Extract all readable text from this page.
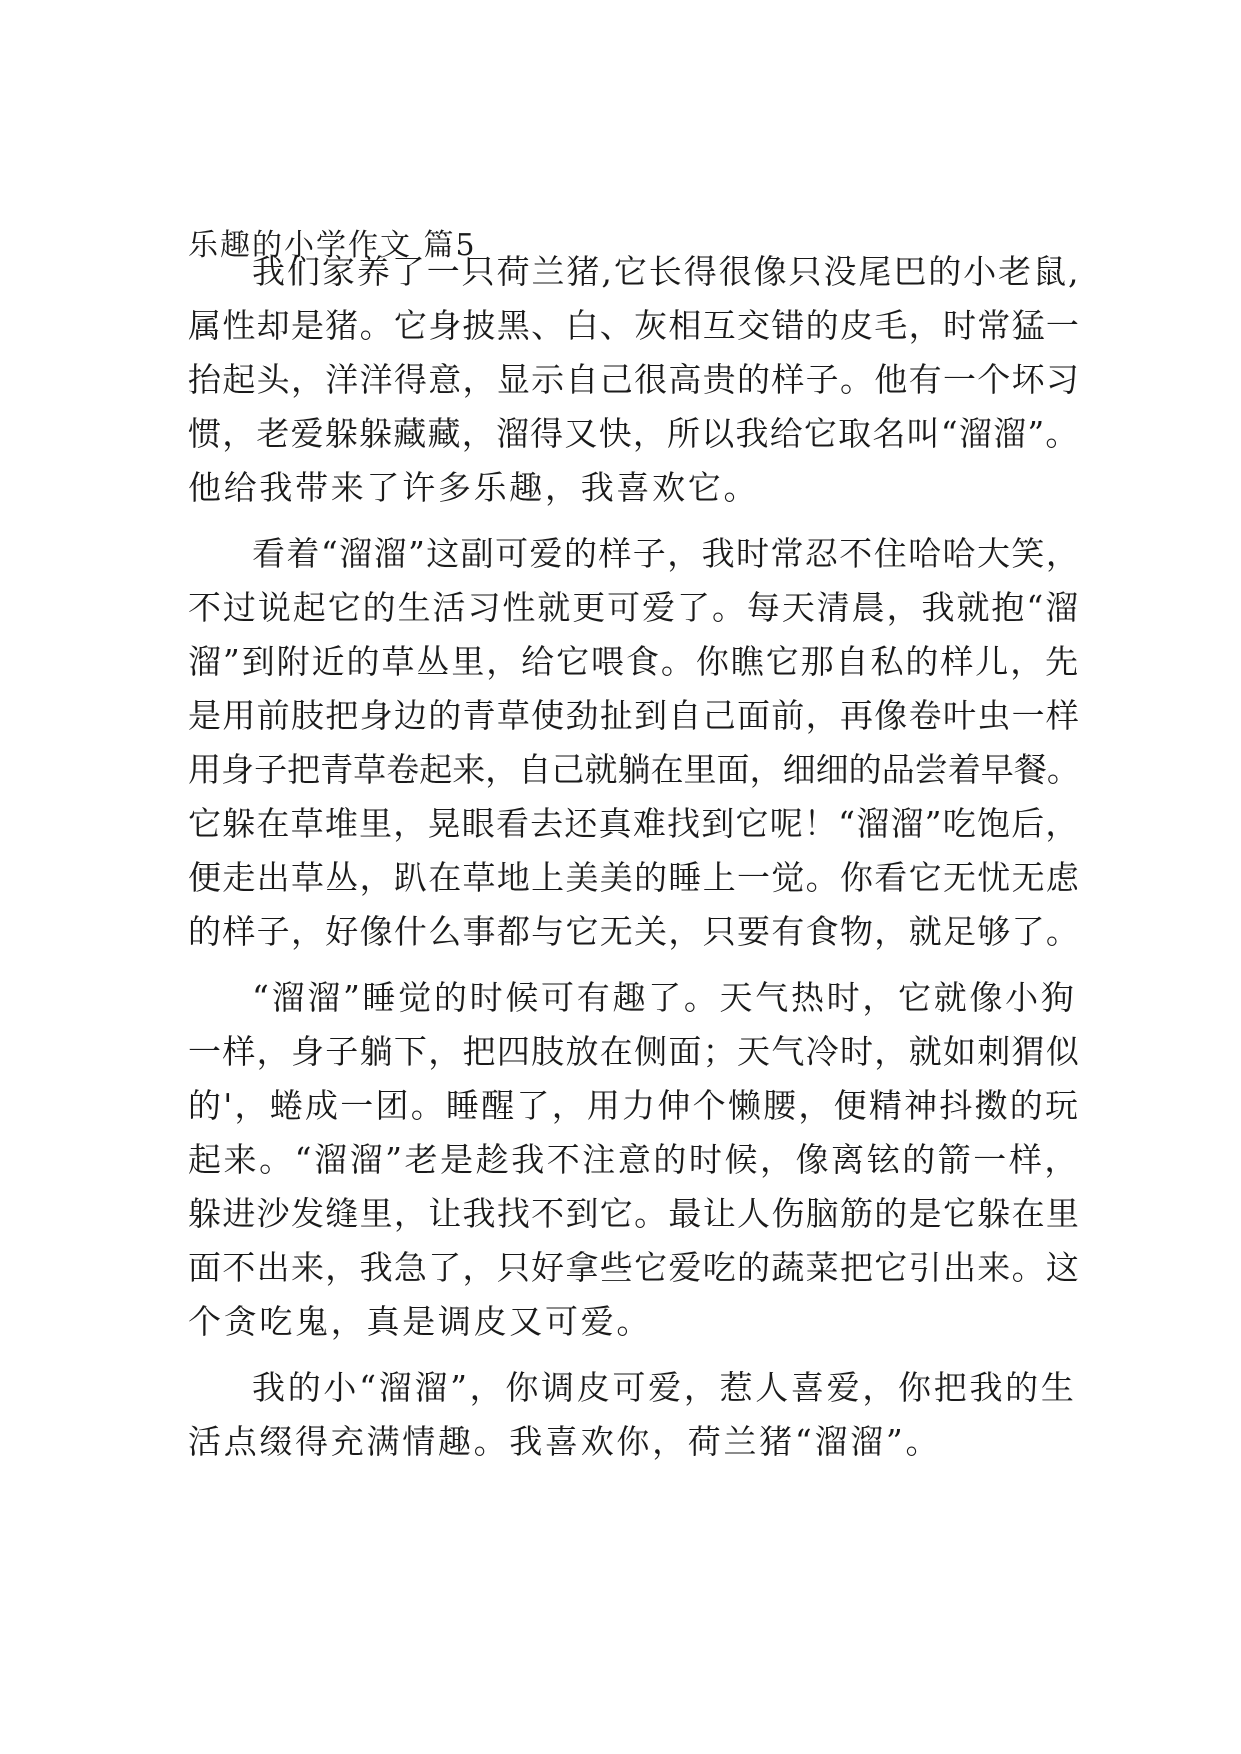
乐趣的小学作文 篇5
我们家养了一只荷兰猪,它长得很像只没尾巴的小老鼠,
属性却是猪。它身披黑、白、灰相互交错的皮毛，时常猛一
抬起头，洋洋得意，显示自己很高贵的样子。他有一个坏习
惯，老爱躲躲藏藏，溜得又快，所以我给它取名叫“溜溜”。
他给我带来了许多乐趣，我喜欢它。
看着“溜溜”这副可爱的样子，我时常忍不住哈哈大笑，
不过说起它的生活习性就更可爱了。每天清晨，我就抱“溜
溜”到附近的草丛里，给它喂食。你瞧它那自私的样儿，先
是用前肢把身边的青草使劲扯到自己面前，再像卷叶虫一样
用身子把青草卷起来，自己就躺在里面，细细的品尝着早餐。
它躲在草堆里，晃眼看去还真难找到它呢！“溜溜”吃饱后，
便走出草丛，趴在草地上美美的睡上一觉。你看它无忧无虑
的样子，好像什么事都与它无关，只要有食物，就足够了。
“溜溜”睡觉的时候可有趣了。天气热时，它就像小狗
一样，身子躺下，把四肢放在侧面；天气冷时，就如刺猬似
的'，蜷成一团。睡醒了，用力伸个懒腰，便精神抖擞的玩
起来。“溜溜”老是趁我不注意的时候，像离铉的箭一样，
躲进沙发缝里，让我找不到它。最让人伤脑筋的是它躲在里
面不出来，我急了，只好拿些它爱吃的蔬菜把它引出来。这
个贪吃鬼，真是调皮又可爱。
我的小“溜溜”，你调皮可爱，惹人喜爱，你把我的生
活点缀得充满情趣。我喜欢你，荷兰猪“溜溜”。
